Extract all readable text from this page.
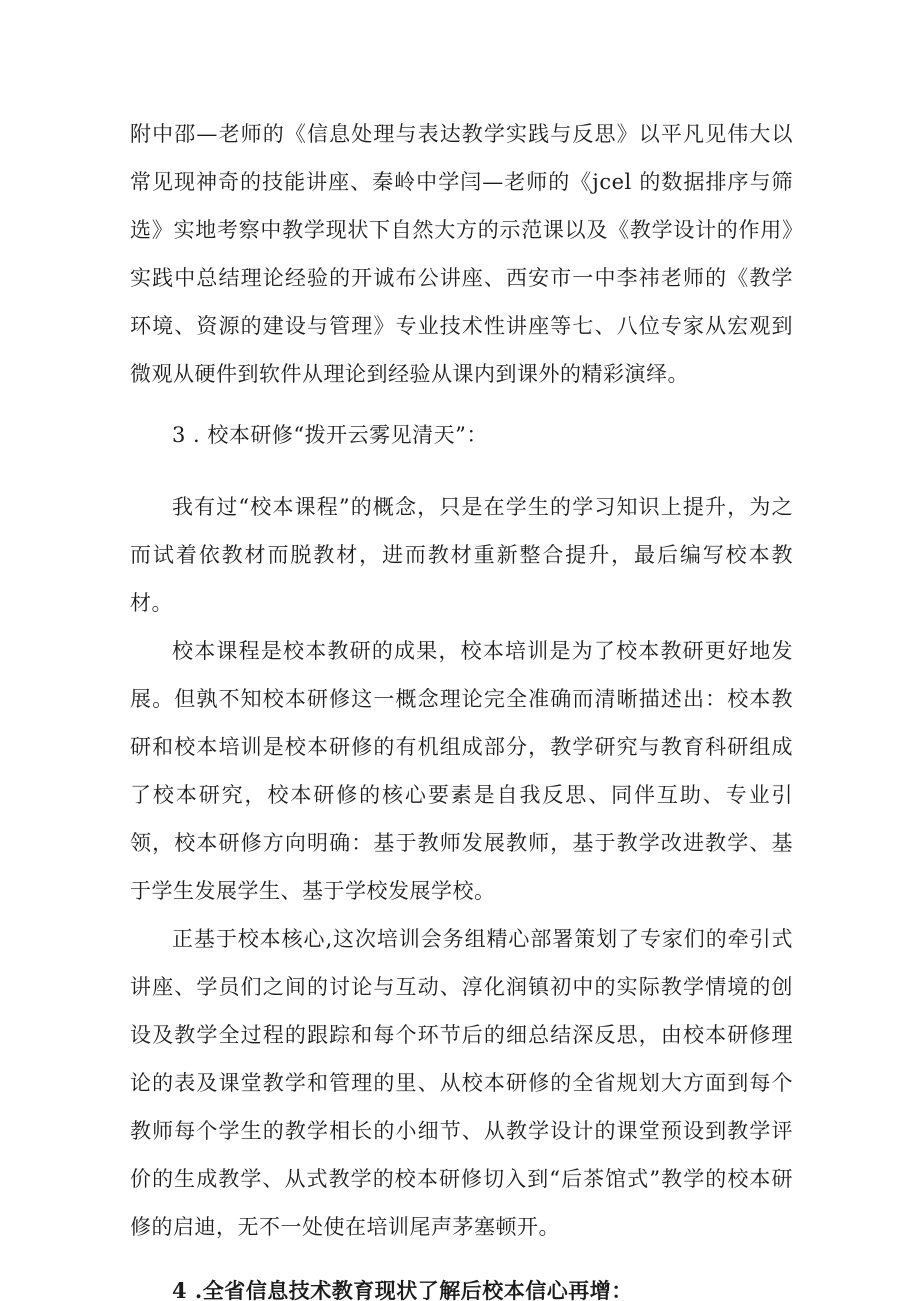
附中邵—老师的《信息处理与表达教学实践与反思》以平凡见伟大以常见现神奇的技能讲座、秦岭中学闫—老师的《jcel 的数据排序与筛选》实地考察中教学现状下自然大方的示范课以及《教学设计的作用》实践中总结理论经验的开诚布公讲座、西安市一中李祎老师的《教学环境、资源的建设与管理》专业技术性讲座等七、八位专家从宏观到微观从硬件到软件从理论到经验从课内到课外的精彩演绎。

3 . 校本研修“拨开云雾见清天”：

我有过“校本课程”的概念，只是在学生的学习知识上提升，为之而试着依教材而脱教材，进而教材重新整合提升，最后编写校本教材。

校本课程是校本教研的成果，校本培训是为了校本教研更好地发展。但孰不知校本研修这一概念理论完全准确而清晰描述出：校本教研和校本培训是校本研修的有机组成部分，教学研究与教育科研组成了校本研究，校本研修的核心要素是自我反思、同伴互助、专业引领，校本研修方向明确：基于教师发展教师，基于教学改进教学、基于学生发展学生、基于学校发展学校。

正基于校本核心,这次培训会务组精心部署策划了专家们的牵引式讲座、学员们之间的讨论与互动、淳化润镇初中的实际教学情境的创设及教学全过程的跟踪和每个环节后的细总结深反思，由校本研修理论的表及课堂教学和管理的里、从校本研修的全省规划大方面到每个教师每个学生的教学相长的小细节、从教学设计的课堂预设到教学评价的生成教学、从式教学的校本研修切入到“后茶馆式”教学的校本研修的启迪，无不一处使在培训尾声茅塞顿开。

4 .全省信息技术教育现状了解后校本信心再增：
